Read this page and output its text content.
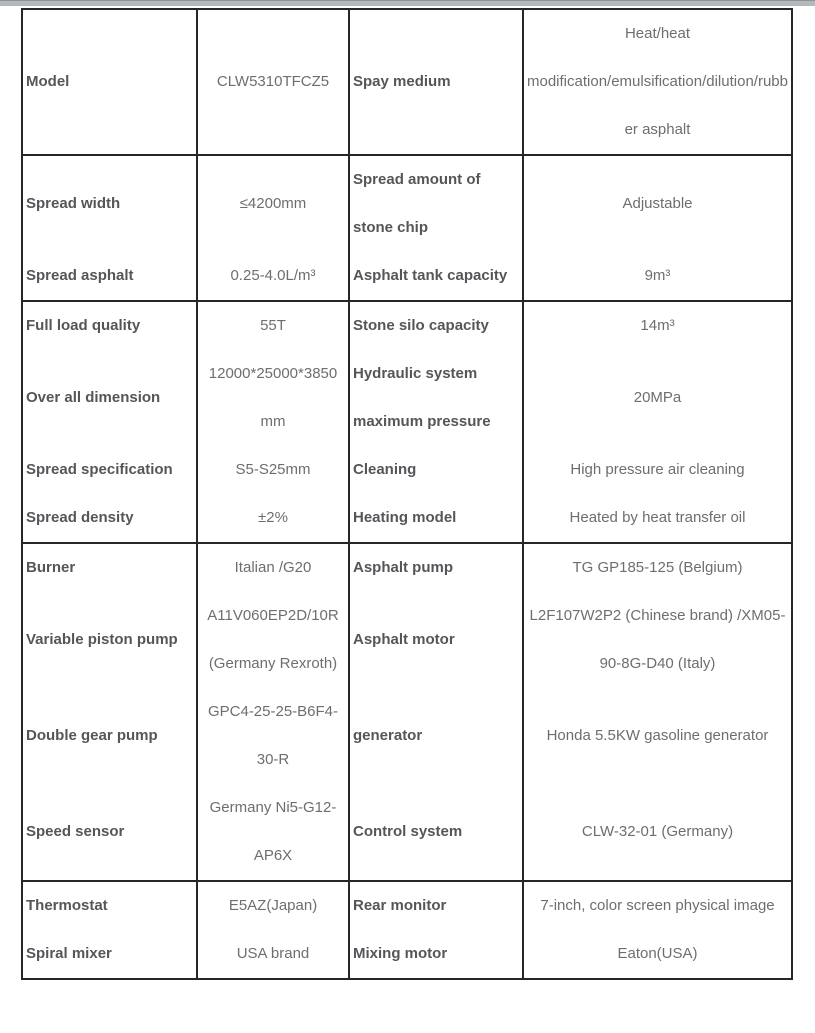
Model	CLW5310TFCZ5	Spay medium	Heat/heat modification/emulsification/dilution/rubber asphalt
Spread width	≤4200mm	Spread amount of stone chip	Adjustable
Spread asphalt	0.25-4.0L/m³	Asphalt tank capacity	9m³
Full load quality	55T	Stone silo capacity	14m³
Over all dimension	12000*25000*3850 mm	Hydraulic system maximum pressure	20MPa
Spread specification	S5-S25mm	Cleaning	High pressure air cleaning
Spread density	±2%	Heating model	Heated by heat transfer oil
Burner	Italian /G20	Asphalt pump	TG GP185-125 (Belgium)
Variable piston pump	A11V060EP2D/10R (Germany Rexroth)	Asphalt motor	L2F107W2P2 (Chinese brand) /XM05-90-8G-D40 (Italy)
Double gear pump	GPC4-25-25-B6F4-30-R	generator	Honda 5.5KW gasoline generator
Speed sensor	Germany Ni5-G12-AP6X	Control system	CLW-32-01 (Germany)
Thermostat	E5AZ(Japan)	Rear monitor	7-inch, color screen physical image
Spiral mixer	USA brand	Mixing motor	Eaton(USA)
